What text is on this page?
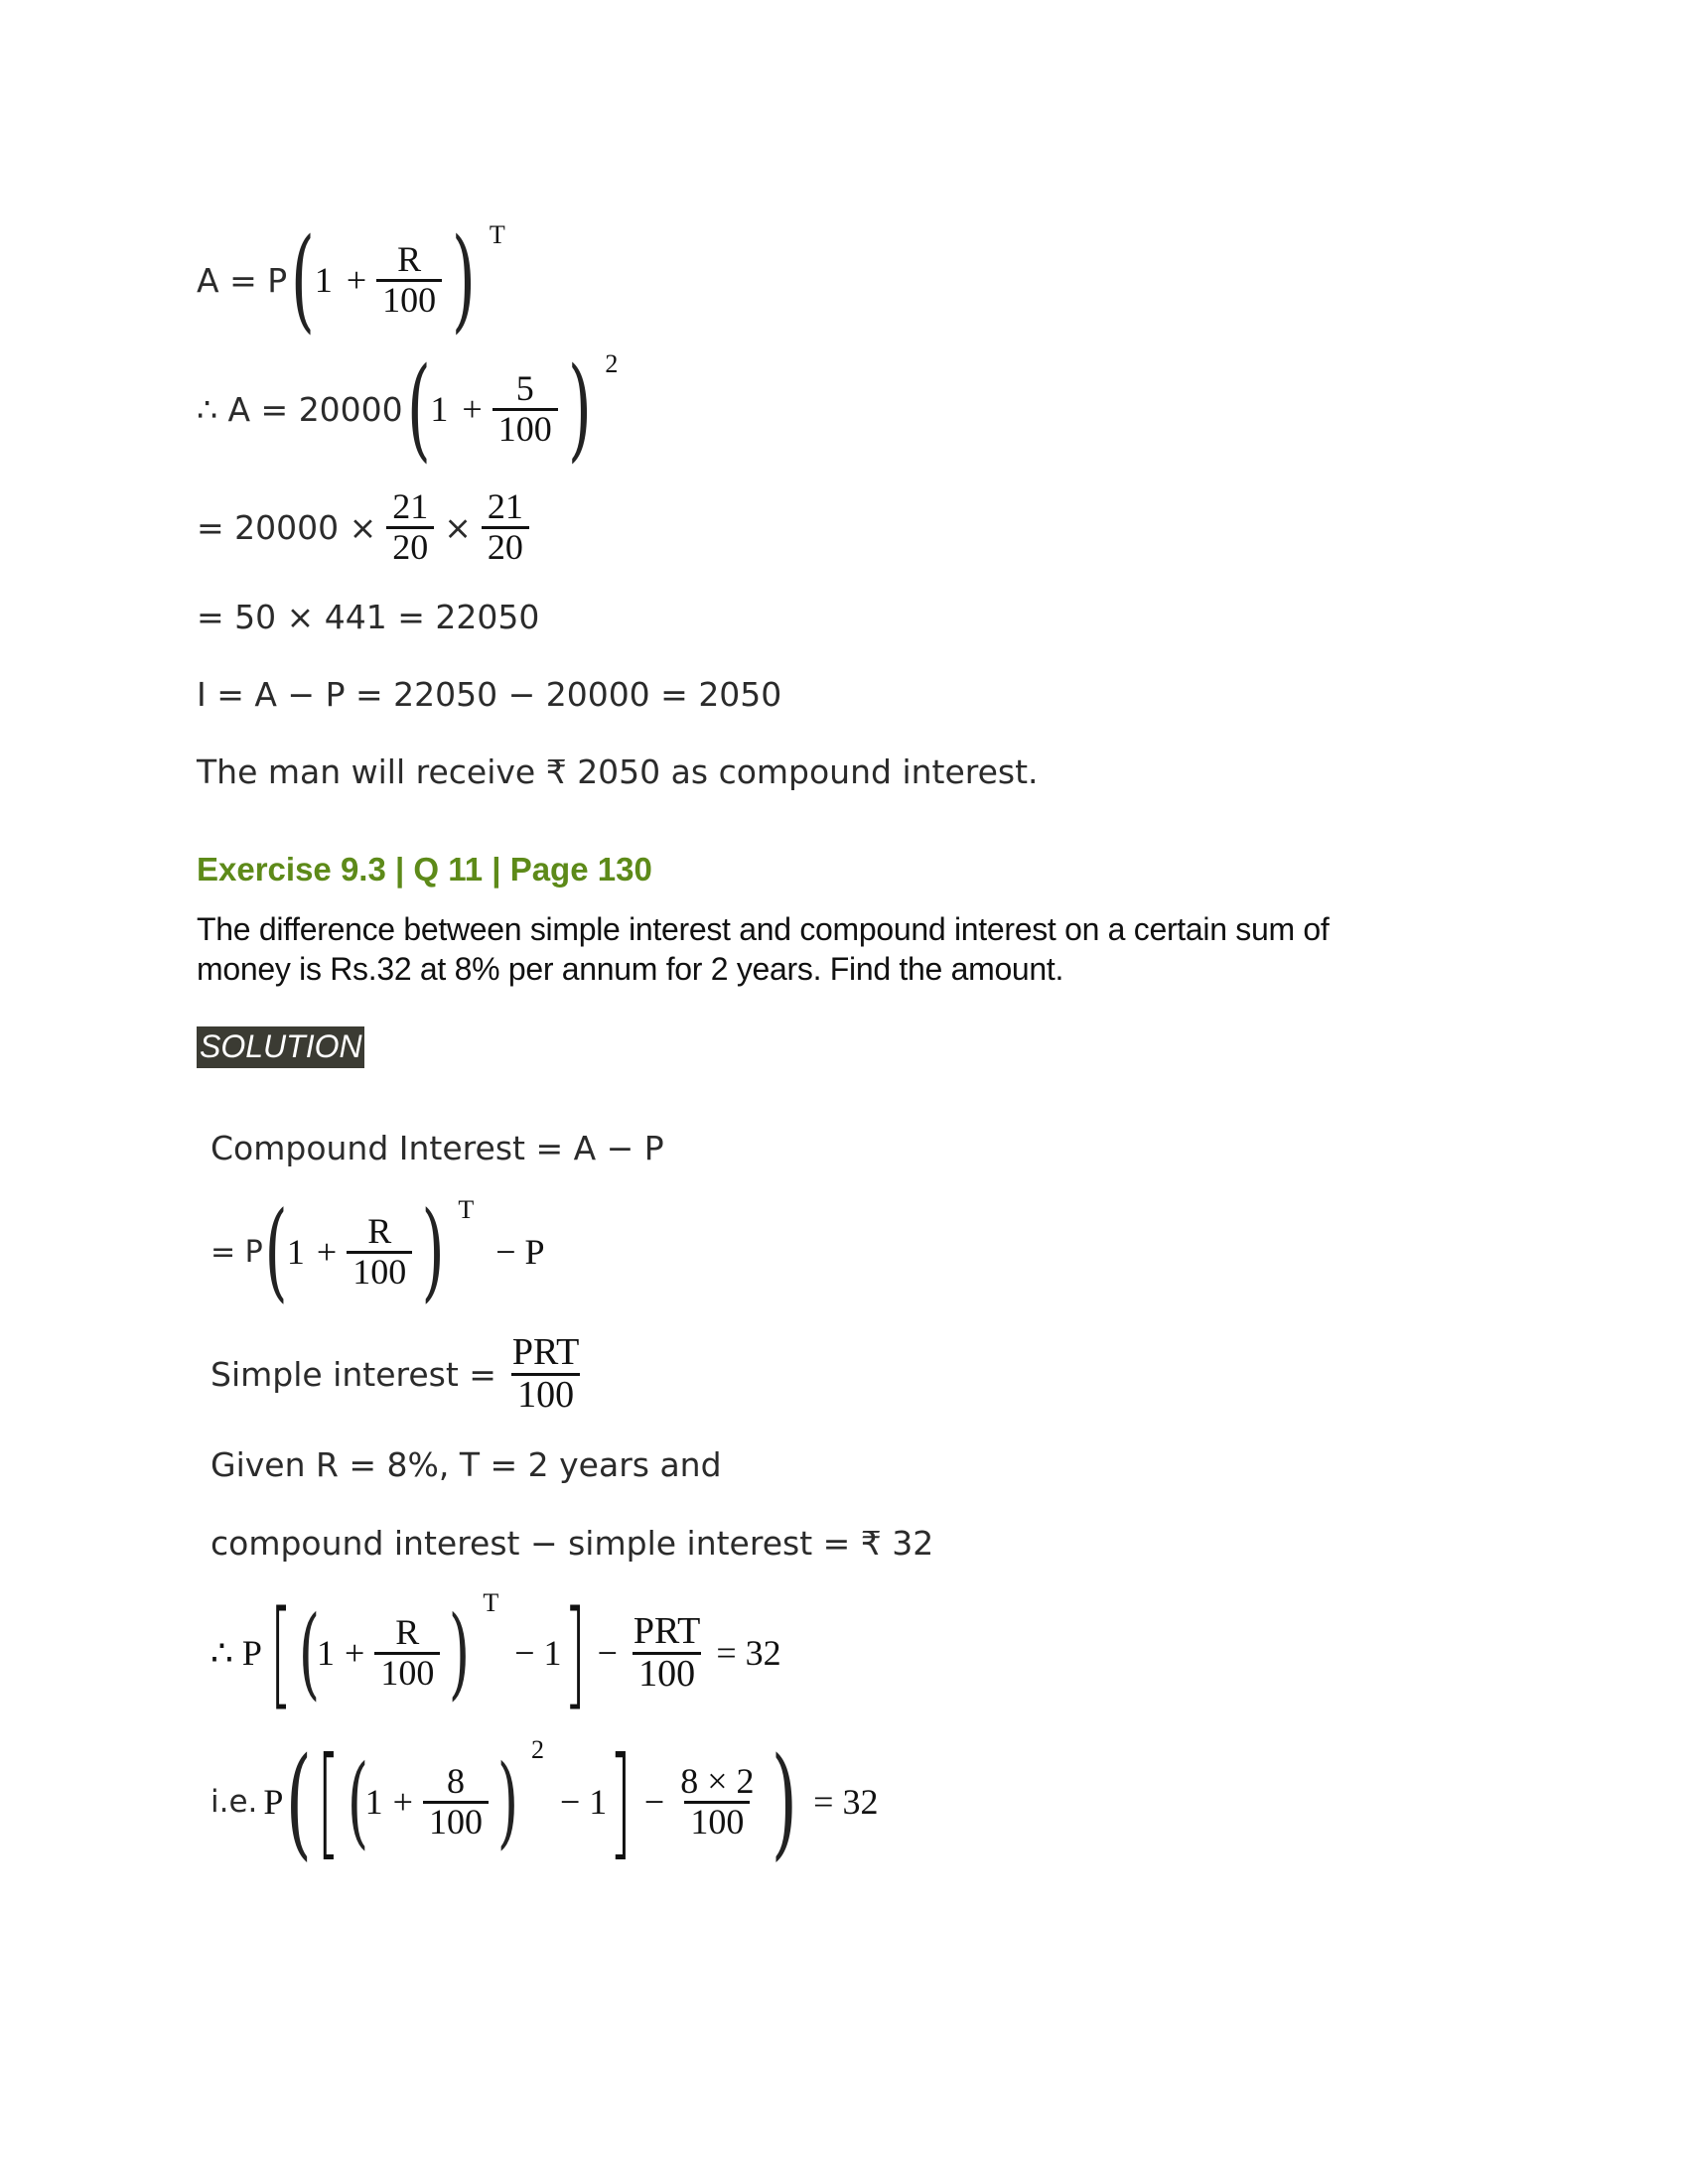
A = P ( $1 + \frac{R}{100}$ ) T
∴ A = 20000 ( $1 + \frac{5}{100}$ ) 2
= $20000 \times \frac{21}{20} \times \frac{21}{20}$
= 50 × 441 = 22050
I = A − P = 22050 − 20000 = 2050
The man will receive ₹ 2050 as compound interest.
Exercise 9.3 | Q 11 | Page 130
The difference between simple interest and compound interest on a certain sum of
money is Rs.32 at 8% per annum for 2 years. Find the amount.
SOLUTION
Compound Interest = A − P
= P ( $1 + \frac{R}{100}$ ) T
− P
Simple interest = $\frac{\text{PRT}}{100}$
Given R = 8%, T = 2 years and
compound interest − simple interest = ₹ 32
∴ P [ (
$1 + \frac{R}{100}$ ) T
− 1 ] − $\frac{\text{PRT}}{100} = 32$
i.e. P ( [ (
$1 + \frac{8}{100}$ ) 2
− 1 ] − $\frac{8 \times 2}{100}$ ) = 32
